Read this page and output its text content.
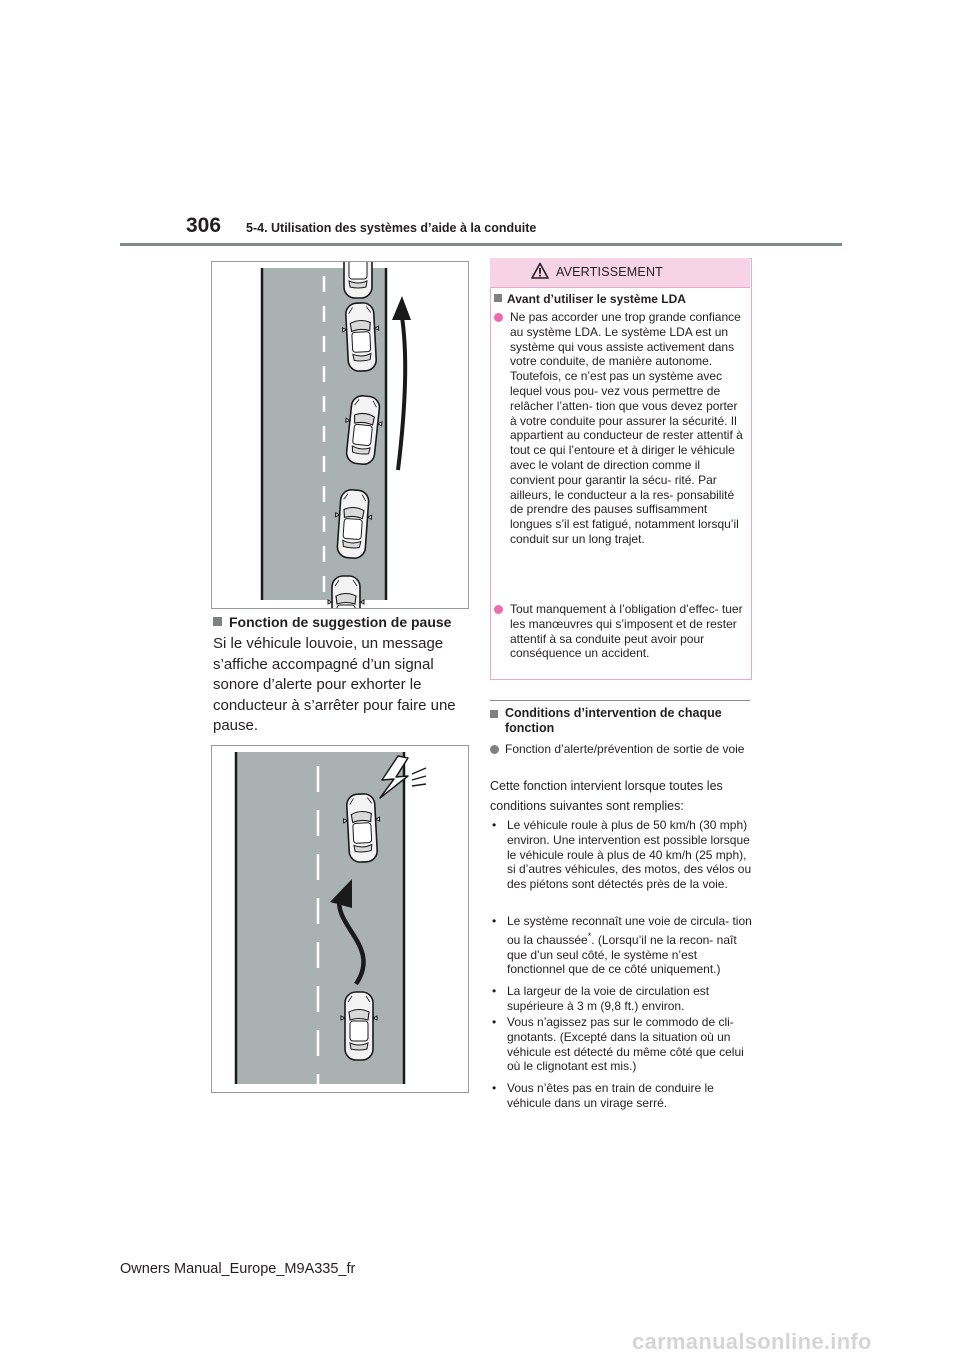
306 5-4. Utilisation des systèmes d’aide à la conduite
Fonction de suggestion de pause
Si le véhicule louvoie, un message s’affiche accompagné d’un signal sonore d’alerte pour exhorter le conducteur à s’arrêter pour faire une pause.
AVERTISSEMENT
Avant d’utiliser le système LDA
Ne pas accorder une trop grande confiance au système LDA. Le système LDA est un système qui vous assiste activement dans votre conduite, de manière autonome. Toutefois, ce n’est pas un système avec lequel vous pou- vez vous permettre de relâcher l’atten- tion que vous devez porter à votre conduite pour assurer la sécurité. Il appartient au conducteur de rester attentif à tout ce qui l’entoure et à diriger le véhicule avec le volant de direction comme il convient pour garantir la sécu- rité. Par ailleurs, le conducteur a la res- ponsabilité de prendre des pauses suffisamment longues s’il est fatigué, notamment lorsqu’il conduit sur un long trajet.
Tout manquement à l’obligation d’effec- tuer les manœuvres qui s’imposent et de rester attentif à sa conduite peut avoir pour conséquence un accident.
Conditions d’intervention de chaque fonction
Fonction d’alerte/prévention de sortie de voie
Cette fonction intervient lorsque toutes les
conditions suivantes sont remplies:
• Le véhicule roule à plus de 50 km/h (30 mph) environ. Une intervention est possible lorsque le véhicule roule à plus de 40 km/h (25 mph), si d’autres véhicules, des motos, des vélos ou des piétons sont détectés près de la voie.
• Le système reconnaît une voie de circula- tion ou la chaussée*. (Lorsqu’il ne la recon- naît que d’un seul côté, le système n’est fonctionnel que de ce côté uniquement.)
• La largeur de la voie de circulation est supérieure à 3 m (9,8 ft.) environ.
• Vous n’agissez pas sur le commodo de cli- gnotants. (Excepté dans la situation où un véhicule est détecté du même côté que celui où le clignotant est mis.)
• Vous n’êtes pas en train de conduire le véhicule dans un virage serré.
Owners Manual_Europe_M9A335_fr
carmanualsonline.info
